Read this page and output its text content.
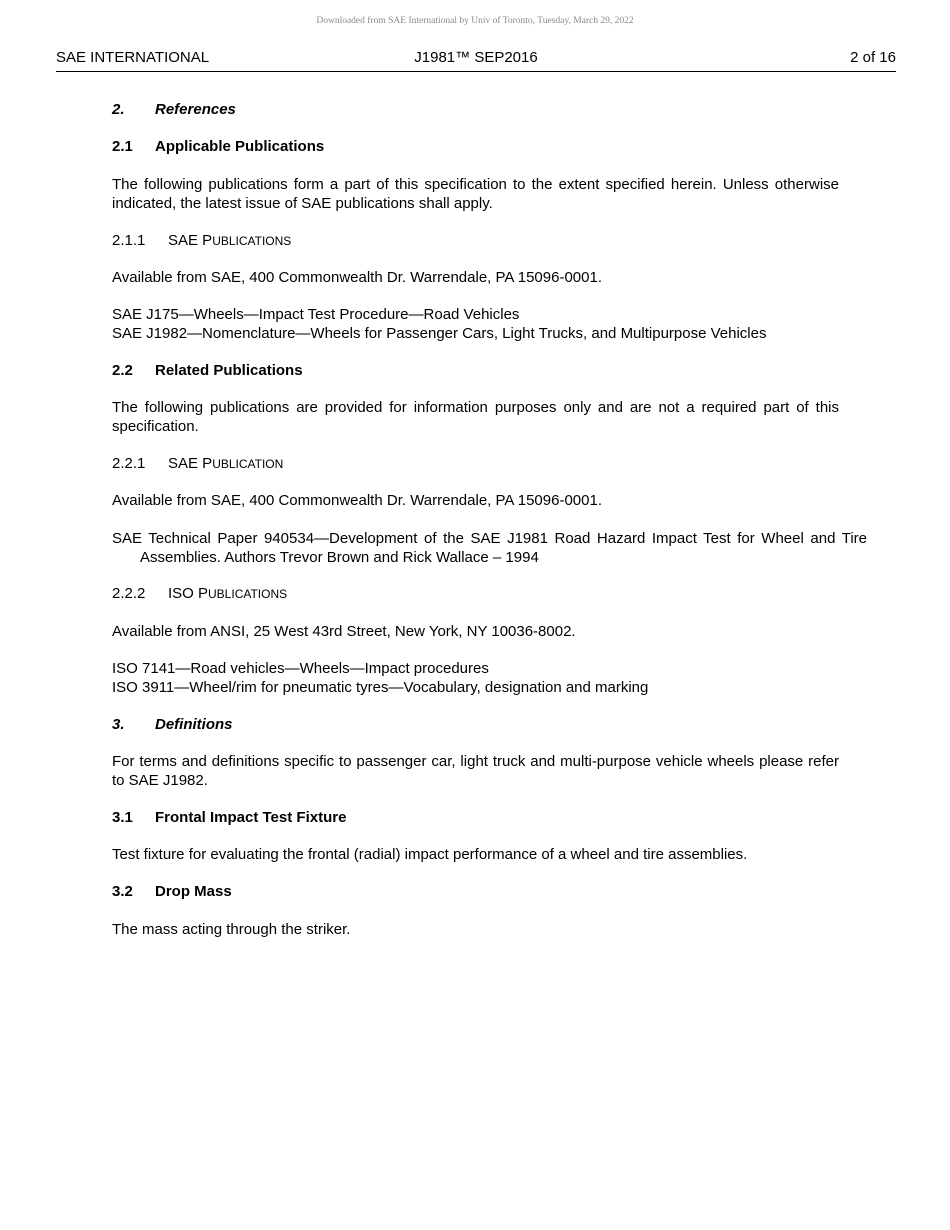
Downloaded from SAE International by Univ of Toronto, Tuesday, March 29, 2022
SAE INTERNATIONAL	J1981™ SEP2016	2 of 16
2. References
2.1 Applicable Publications
The following publications form a part of this specification to the extent specified herein. Unless otherwise indicated, the latest issue of SAE publications shall apply.
2.1.1 SAE PUBLICATIONS
Available from SAE, 400 Commonwealth Dr. Warrendale, PA 15096-0001.
SAE J175—Wheels—Impact Test Procedure—Road Vehicles
SAE J1982—Nomenclature—Wheels for Passenger Cars, Light Trucks, and Multipurpose Vehicles
2.2 Related Publications
The following publications are provided for information purposes only and are not a required part of this specification.
2.2.1 SAE PUBLICATION
Available from SAE, 400 Commonwealth Dr. Warrendale, PA 15096-0001.
SAE Technical Paper 940534—Development of the SAE J1981 Road Hazard Impact Test for Wheel and Tire Assemblies. Authors Trevor Brown and Rick Wallace – 1994
2.2.2 ISO PUBLICATIONS
Available from ANSI, 25 West 43rd Street, New York, NY 10036-8002.
ISO 7141—Road vehicles—Wheels—Impact procedures
ISO 3911—Wheel/rim for pneumatic tyres—Vocabulary, designation and marking
3. Definitions
For terms and definitions specific to passenger car, light truck and multi-purpose vehicle wheels please refer to SAE J1982.
3.1 Frontal Impact Test Fixture
Test fixture for evaluating the frontal (radial) impact performance of a wheel and tire assemblies.
3.2 Drop Mass
The mass acting through the striker.
